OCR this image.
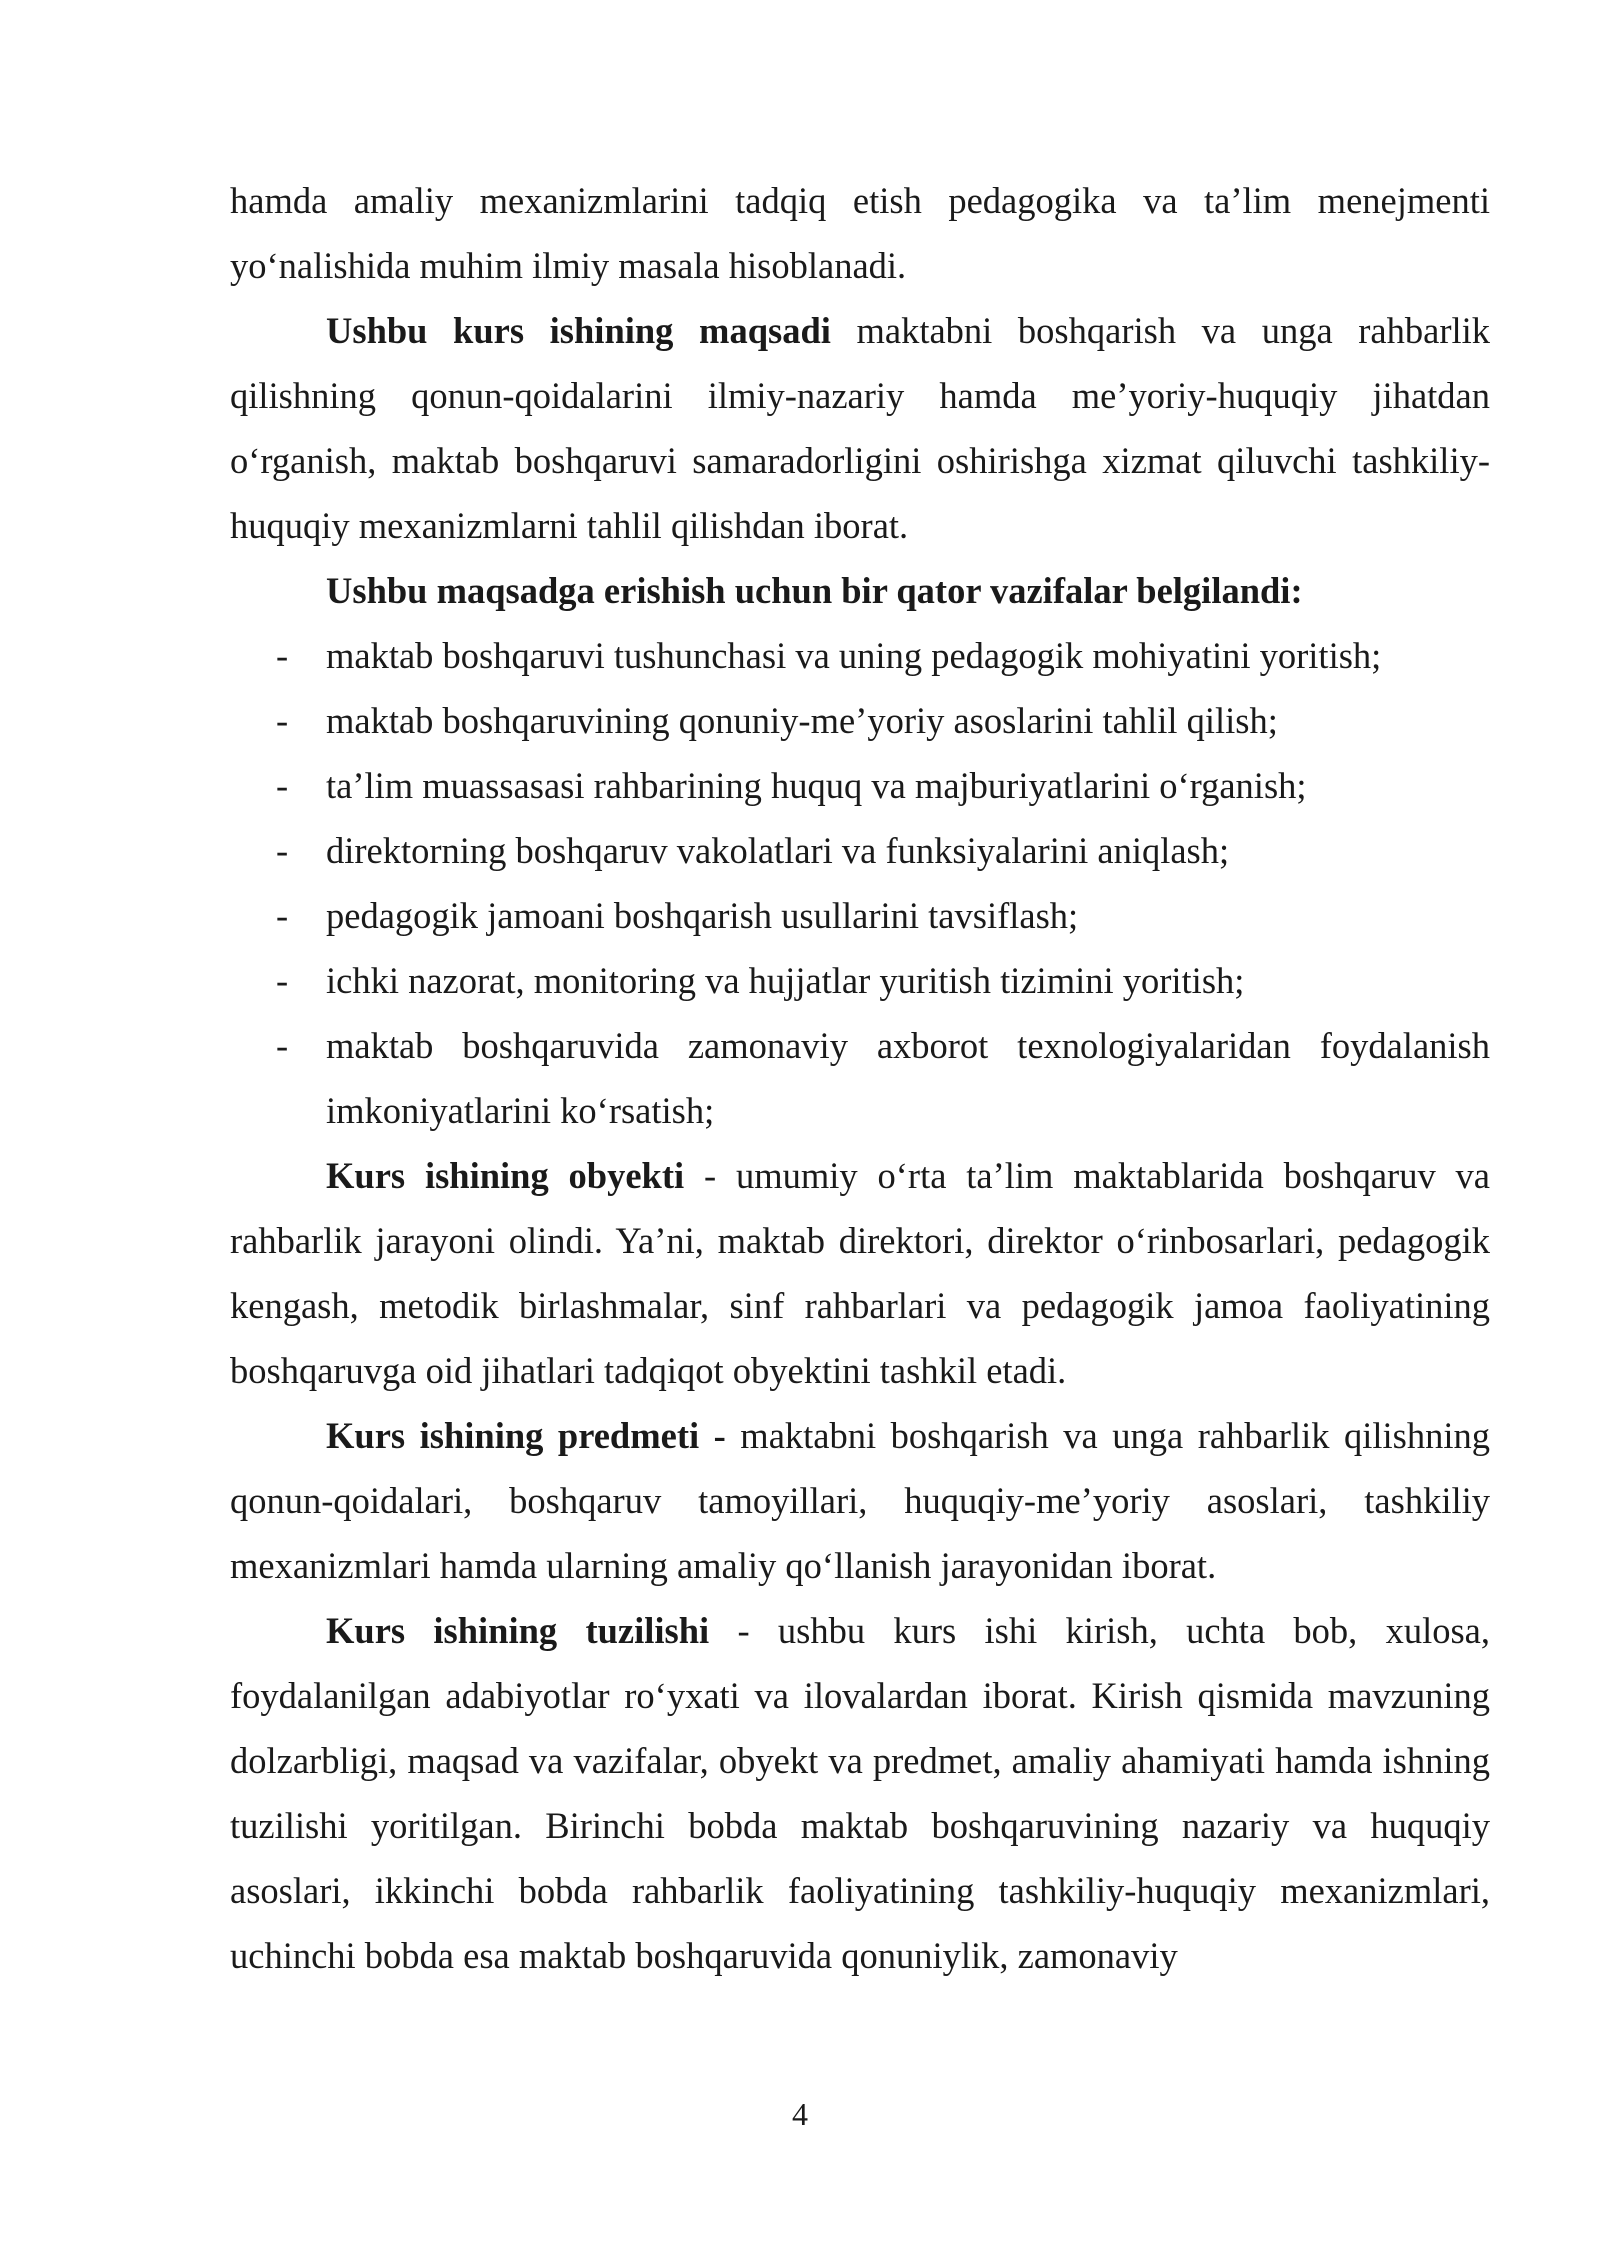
hamda amaliy mexanizmlarini tadqiq etish pedagogika va ta’lim menejmenti yo‘nalishida muhim ilmiy masala hisoblanadi.

Ushbu kurs ishining maqsadi maktabni boshqarish va unga rahbarlik qilishning qonun-qoidalarini ilmiy-nazariy hamda me’yoriy-huquqiy jihatdan o‘rganish, maktab boshqaruvi samaradorligini oshirishga xizmat qiluvchi tashkiliy-huquqiy mexanizmlarni tahlil qilishdan iborat.

Ushbu maqsadga erishish uchun bir qator vazifalar belgilandi:

- maktab boshqaruvi tushunchasi va uning pedagogik mohiyatini yoritish;
- maktab boshqaruvining qonuniy-me’yoriy asoslarini tahlil qilish;
- ta’lim muassasasi rahbarining huquq va majburiyatlarini o‘rganish;
- direktorning boshqaruv vakolatlari va funksiyalarini aniqlash;
- pedagogik jamoani boshqarish usullarini tavsiflash;
- ichki nazorat, monitoring va hujjatlar yuritish tizimini yoritish;
- maktab boshqaruvida zamonaviy axborot texnologiyalaridan foydalanish imkoniyatlarini ko‘rsatish;

Kurs ishining obyekti - umumiy o‘rta ta’lim maktablarida boshqaruv va rahbarlik jarayoni olindi. Ya’ni, maktab direktori, direktor o‘rinbosarlari, pedagogik kengash, metodik birlashmalar, sinf rahbarlari va pedagogik jamoa faoliyatining boshqaruvga oid jihatlari tadqiqot obyektini tashkil etadi.

Kurs ishining predmeti - maktabni boshqarish va unga rahbarlik qilishning qonun-qoidalari, boshqaruv tamoyillari, huquqiy-me’yoriy asoslari, tashkiliy mexanizmlari hamda ularning amaliy qo‘llanish jarayonidan iborat.

Kurs ishining tuzilishi - ushbu kurs ishi kirish, uchta bob, xulosa, foydalanilgan adabiyotlar ro‘yxati va ilovalardan iborat. Kirish qismida mavzuning dolzarbligi, maqsad va vazifalar, obyekt va predmet, amaliy ahamiyati hamda ishning tuzilishi yoritilgan. Birinchi bobda maktab boshqaruvining nazariy va huquqiy asoslari, ikkinchi bobda rahbarlik faoliyatining tashkiliy-huquqiy mexanizmlari, uchinchi bobda esa maktab boshqaruvida qonuniylik, zamonaviy

4
